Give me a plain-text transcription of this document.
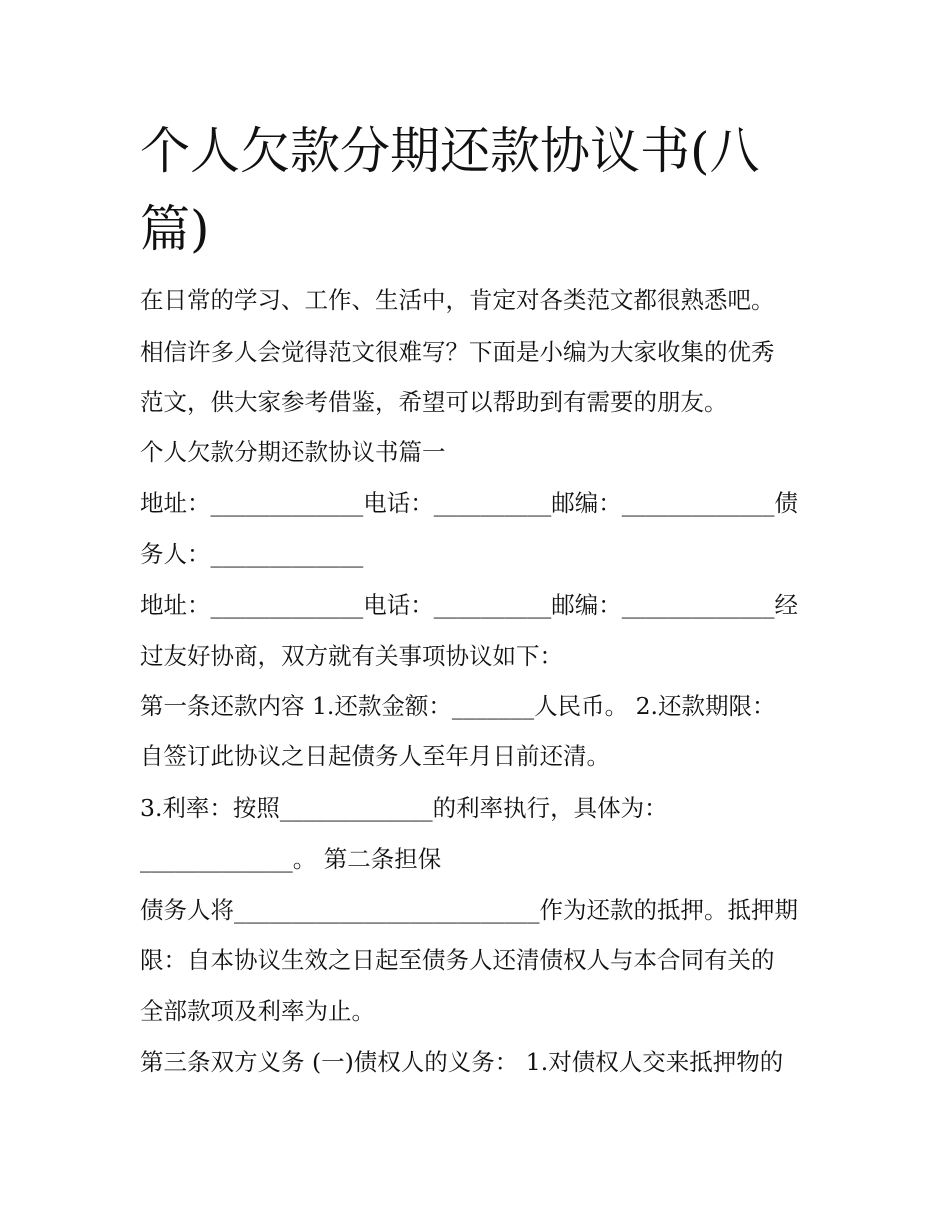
个人欠款分期还款协议书(八
篇)

在日常的学习、工作、生活中，肯定对各类范文都很熟悉吧。

相信许多人会觉得范文很难写？下面是小编为大家收集的优秀

范文，供大家参考借鉴，希望可以帮助到有需要的朋友。

个人欠款分期还款协议书篇一

地址：_____________电话：__________邮编：_____________债

务人：_____________

地址：_____________电话：__________邮编：_____________经

过友好协商，双方就有关事项协议如下：

第一条还款内容 1.还款金额：_______人民币。 2.还款期限：

自签订此协议之日起债务人至年月日前还清。

3.利率：按照_____________的利率执行，具体为：

_____________。 第二条担保

债务人将__________________________作为还款的抵押。抵押期

限：自本协议生效之日起至债务人还清债权人与本合同有关的

全部款项及利率为止。

第三条双方义务 (一)债权人的义务： 1.对债权人交来抵押物的
